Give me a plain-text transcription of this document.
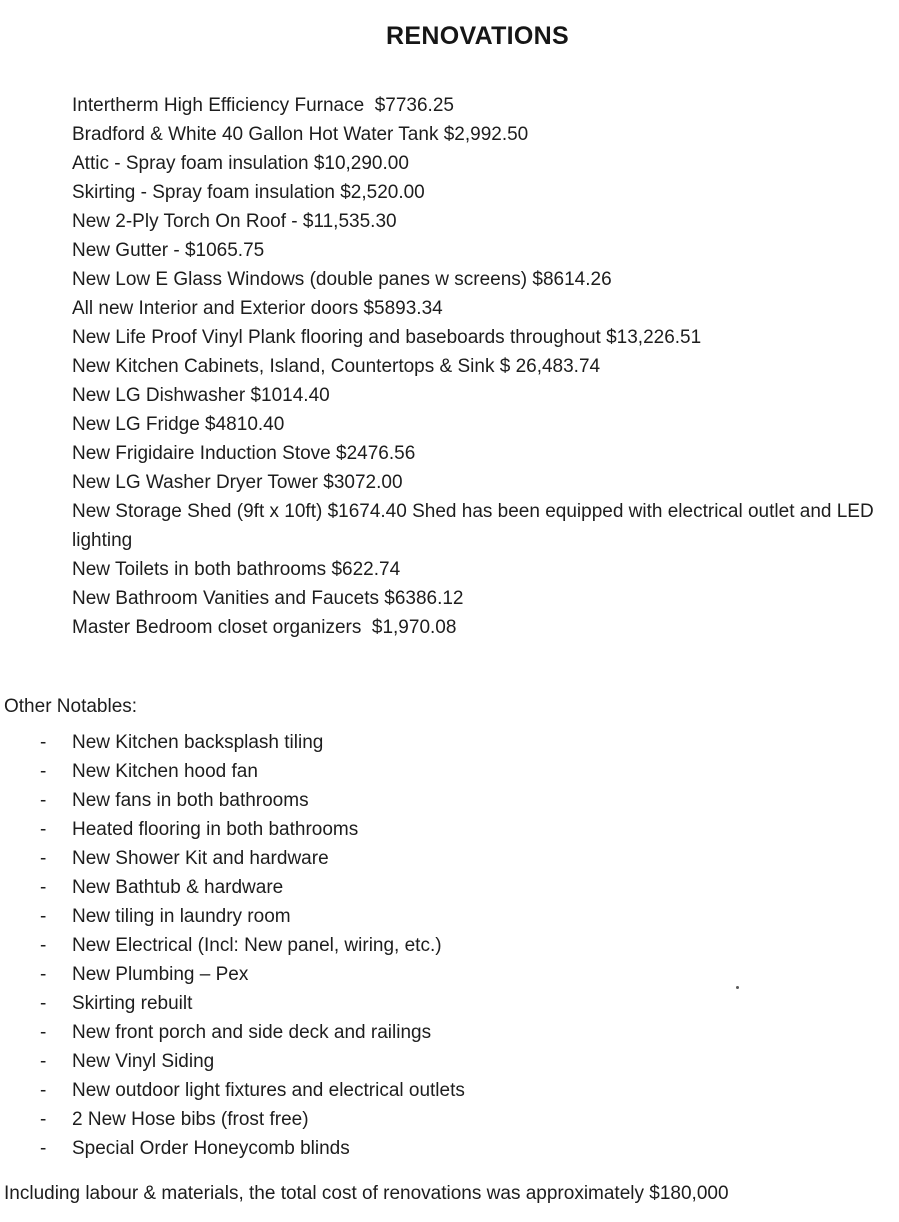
RENOVATIONS
Intertherm High Efficiency Furnace  $7736.25
Bradford & White 40 Gallon Hot Water Tank $2,992.50
Attic - Spray foam insulation $10,290.00
Skirting - Spray foam insulation $2,520.00
New 2-Ply Torch On Roof - $11,535.30
New Gutter - $1065.75
New Low E Glass Windows (double panes w screens) $8614.26
All new Interior and Exterior doors $5893.34
New Life Proof Vinyl Plank flooring and baseboards throughout $13,226.51
New Kitchen Cabinets, Island, Countertops & Sink $ 26,483.74
New LG Dishwasher $1014.40
New LG Fridge $4810.40
New Frigidaire Induction Stove $2476.56
New LG Washer Dryer Tower $3072.00
New Storage Shed (9ft x 10ft) $1674.40 Shed has been equipped with electrical outlet and LED lighting
New Toilets in both bathrooms $622.74
New Bathroom Vanities and Faucets $6386.12
Master Bedroom closet organizers  $1,970.08
Other Notables:
-	New Kitchen backsplash tiling
-	New Kitchen hood fan
-	New fans in both bathrooms
-	Heated flooring in both bathrooms
-	New Shower Kit and hardware
-	New Bathtub & hardware
-	New tiling in laundry room
-	New Electrical (Incl: New panel, wiring, etc.)
-	New Plumbing – Pex
-	Skirting rebuilt
-	New front porch and side deck and railings
-	New Vinyl Siding
-	New outdoor light fixtures and electrical outlets
-	2 New Hose bibs (frost free)
-	Special Order Honeycomb blinds

Including labour & materials, the total cost of renovations was approximately $180,000
